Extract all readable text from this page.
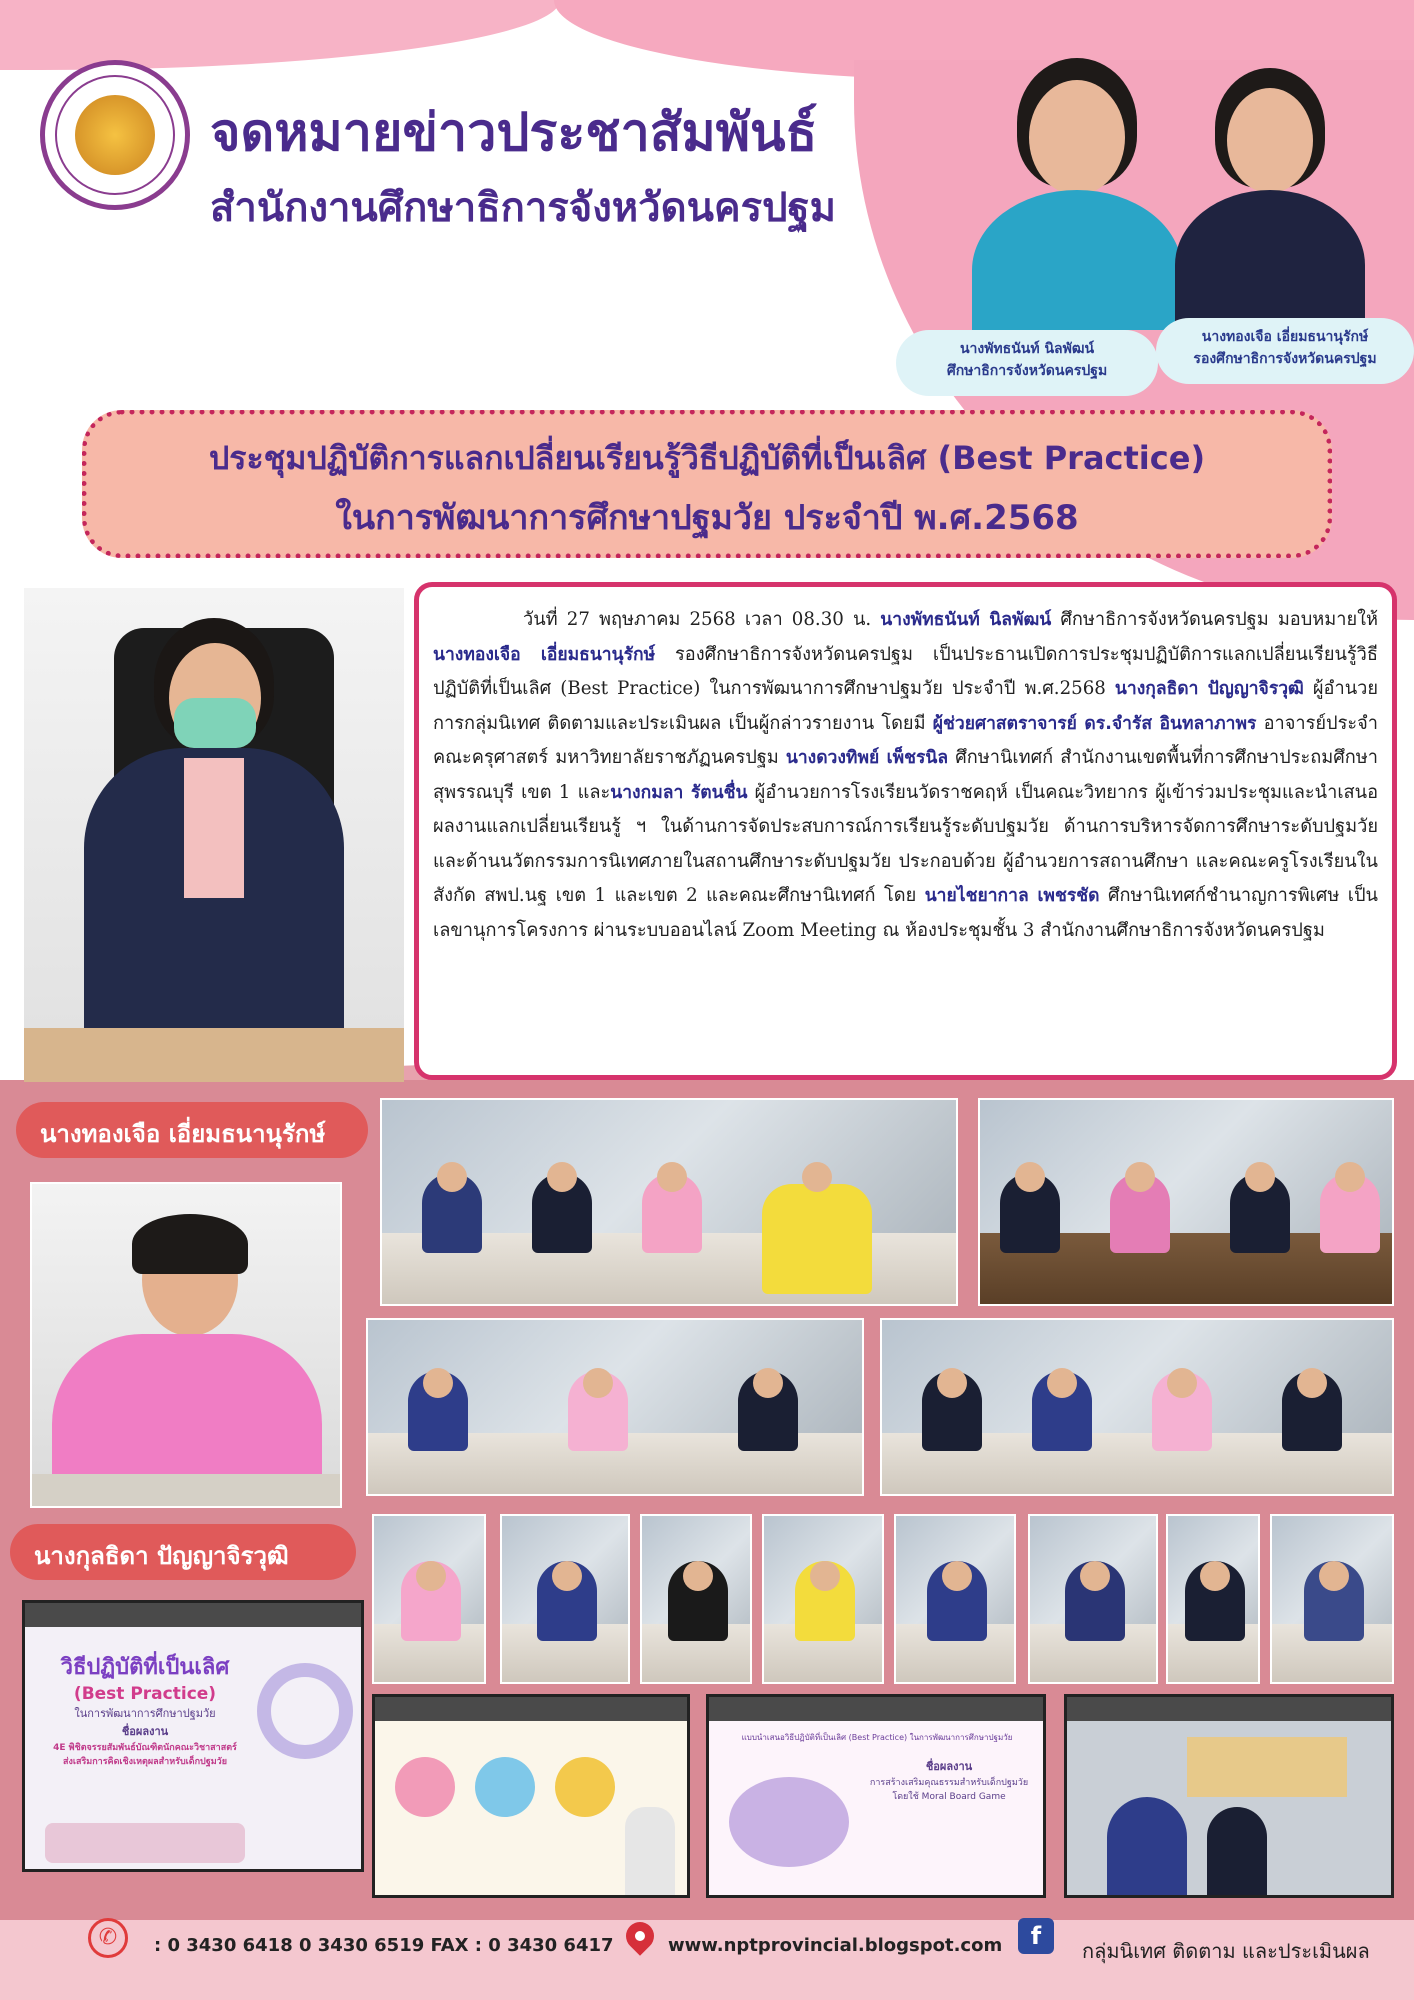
จดหมายข่าวประชาสัมพันธ์
สำนักงานศึกษาธิการจังหวัดนครปฐม
นางพัทธนันท์ นิลพัฒน์
ศึกษาธิการจังหวัดนครปฐม
นางทองเจือ เอี่ยมธนานุรักษ์
รองศึกษาธิการจังหวัดนครปฐม
ประชุมปฏิบัติการแลกเปลี่ยนเรียนรู้วิธีปฏิบัติที่เป็นเลิศ (Best Practice)
ในการพัฒนาการศึกษาปฐมวัย ประจำปี พ.ศ.2568

วันที่ 27 พฤษภาคม 2568 เวลา 08.30 น. นางพัทธนันท์ นิลพัฒน์ ศึกษาธิการจังหวัดนครปฐม มอบหมายให้ นางทองเจือ เอี่ยมธนานุรักษ์ รองศึกษาธิการจังหวัดนครปฐม เป็นประธานเปิดการประชุมปฏิบัติการแลกเปลี่ยนเรียนรู้วิธีปฏิบัติที่เป็นเลิศ (Best Practice) ในการพัฒนาการศึกษาปฐมวัย ประจำปี พ.ศ.2568 นางกุลธิดา ปัญญาจิรวุฒิ ผู้อำนวยการกลุ่มนิเทศ ติดตามและประเมินผล เป็นผู้กล่าวรายงาน โดยมี ผู้ช่วยศาสตราจารย์ ดร.จำรัส อินทลาภาพร อาจารย์ประจำคณะครุศาสตร์ มหาวิทยาลัยราชภัฏนครปฐม นางดวงทิพย์ เพ็ชรนิล ศึกษานิเทศก์ สำนักงานเขตพื้นที่การศึกษาประถมศึกษาสุพรรณบุรี เขต 1 และนางกมลา รัตนชื่น ผู้อำนวยการโรงเรียนวัดราชคฤห์ เป็นคณะวิทยากร ผู้เข้าร่วมประชุมและนำเสนอผลงานแลกเปลี่ยนเรียนรู้ ฯ ในด้านการจัดประสบการณ์การเรียนรู้ระดับปฐมวัย ด้านการบริหารจัดการศึกษาระดับปฐมวัย และด้านนวัตกรรมการนิเทศภายในสถานศึกษาระดับปฐมวัย ประกอบด้วย ผู้อำนวยการสถานศึกษา และคณะครูโรงเรียนในสังกัด สพป.นฐ เขต 1 และเขต 2 และคณะศึกษานิเทศก์ โดย นายไชยากาล เพชรชัด ศึกษานิเทศก์ชำนาญการพิเศษ เป็นเลขานุการโครงการ ผ่านระบบออนไลน์ Zoom Meeting ณ ห้องประชุมชั้น 3 สำนักงานศึกษาธิการจังหวัดนครปฐม

นางทองเจือ เอี่ยมธนานุรักษ์
นางกุลธิดา ปัญญาจิรวุฒิ
วิธีปฏิบัติที่เป็นเลิศ
(Best Practice)
ในการพัฒนาการศึกษาปฐมวัย
ชื่อผลงาน
4E พิชิตจรรยสัมพันธ์บัณฑิตนักคณะวิชาสาสตร์
ส่งเสริมการคิดเชิงเหตุผลสำหรับเด็กปฐมวัย
แบบนำเสนอวิธีปฏิบัติที่เป็นเลิศ (Best Practice) ในการพัฒนาการศึกษาปฐมวัย
ชื่อผลงาน
การสร้างเสริมคุณธรรมสำหรับเด็กปฐมวัย
โดยใช้ Moral Board Game
✆	: 0 3430 6418 0 3430 6519 FAX : 0 3430 6417	www.nptprovincial.blogspot.com	f
กลุ่มนิเทศ ติดตาม และประเมินผล
